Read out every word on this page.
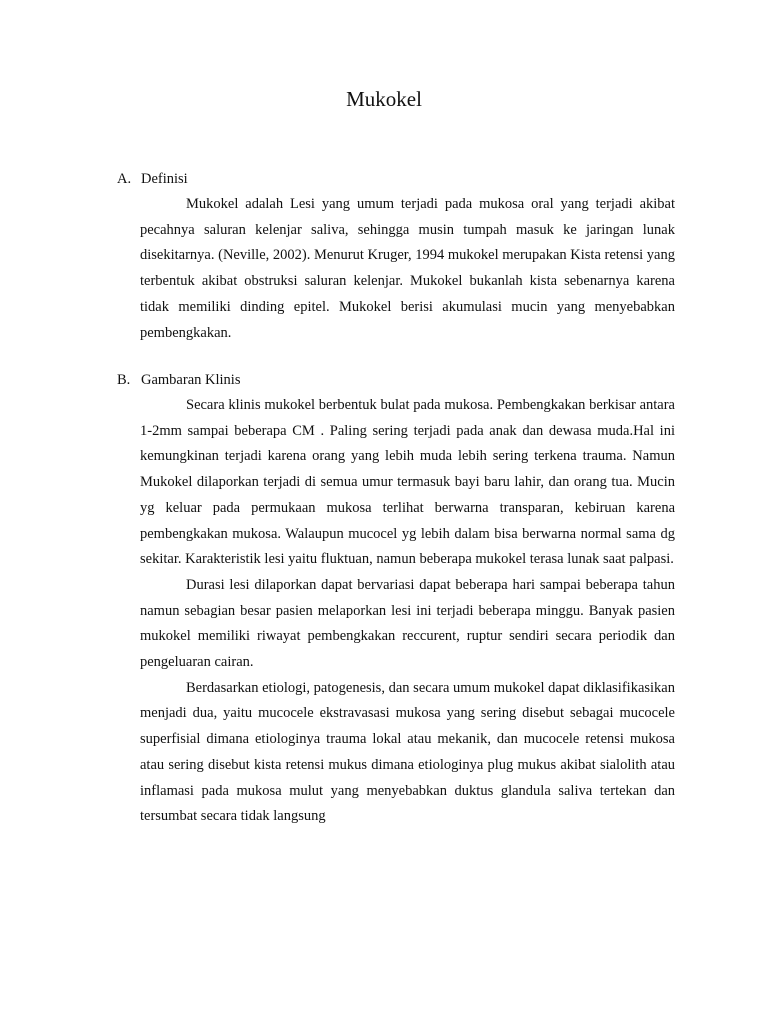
Mukokel
A. Definisi

Mukokel adalah Lesi yang umum terjadi pada mukosa oral yang terjadi akibat pecahnya saluran kelenjar saliva, sehingga musin tumpah masuk ke jaringan lunak disekitarnya. (Neville, 2002). Menurut Kruger, 1994 mukokel merupakan Kista retensi yang terbentuk akibat obstruksi saluran kelenjar. Mukokel bukanlah kista sebenarnya karena tidak memiliki dinding epitel. Mukokel berisi akumulasi mucin yang menyebabkan pembengkakan.

B. Gambaran Klinis

Secara klinis mukokel berbentuk bulat pada mukosa. Pembengkakan berkisar antara 1-2mm sampai beberapa CM . Paling sering terjadi pada anak dan dewasa muda.Hal ini kemungkinan terjadi karena orang yang lebih muda lebih sering terkena trauma. Namun Mukokel dilaporkan terjadi di semua umur termasuk bayi baru lahir, dan orang tua. Mucin yg keluar pada permukaan mukosa terlihat berwarna transparan, kebiruan karena pembengkakan mukosa. Walaupun mucocel yg lebih dalam bisa berwarna normal sama dg sekitar. Karakteristik lesi yaitu fluktuan, namun beberapa mukokel terasa lunak saat palpasi.

Durasi lesi dilaporkan dapat bervariasi dapat beberapa hari sampai beberapa tahun namun sebagian besar pasien melaporkan lesi ini terjadi beberapa minggu. Banyak pasien mukokel memiliki riwayat pembengkakan reccurent, ruptur sendiri secara periodik dan pengeluaran cairan.

Berdasarkan etiologi, patogenesis, dan secara umum mukokel dapat diklasifikasikan menjadi dua, yaitu mucocele ekstravasasi mukosa yang sering disebut sebagai mucocele superfisial dimana etiologinya trauma lokal atau mekanik, dan mucocele retensi mukosa atau sering disebut kista retensi mukus dimana etiologinya plug mukus akibat sialolith atau inflamasi pada mukosa mulut yang menyebabkan duktus glandula saliva tertekan dan tersumbat secara tidak langsung
